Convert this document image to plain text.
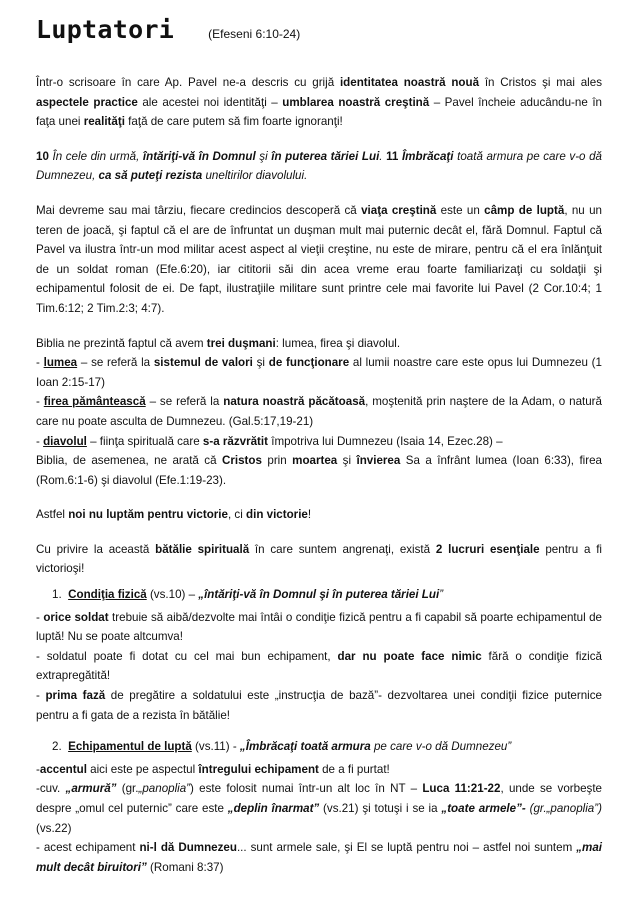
Luptatori	(Efeseni 6:10-24)

Într-o scrisoare în care Ap. Pavel ne-a descris cu grijă identitatea noastră nouă în Cristos şi mai ales aspectele practice ale acestei noi identităţi – umblarea noastră creştină – Pavel încheie aducându-ne în faţa unei realităţi faţă de care putem să fim foarte ignoranţi!

10 În cele din urmă, întăriţi-vă în Domnul şi în puterea tăriei Lui. 11 Îmbrăcaţi toată armura pe care v-o dă Dumnezeu, ca să puteţi rezista uneltirilor diavolului.

Mai devreme sau mai târziu, fiecare credincios descoperă că viaţa creştină este un câmp de luptă, nu un teren de joacă, şi faptul că el are de înfruntat un duşman mult mai puternic decât el, fără Domnul. Faptul că Pavel va ilustra într-un mod militar acest aspect al vieţii creştine, nu este de mirare, pentru că el era înlănţuit de un soldat roman (Efe.6:20), iar cititorii săi din acea vreme erau foarte familiarizaţi cu soldaţii şi echipamentul folosit de ei. De fapt, ilustraţiile militare sunt printre cele mai favorite lui Pavel (2 Cor.10:4; 1 Tim.6:12; 2 Tim.2:3; 4:7).

Biblia ne prezintă faptul că avem trei duşmani: lumea, firea şi diavolul.
- lumea – se referă la sistemul de valori şi de funcţionare al lumii noastre care este opus lui Dumnezeu (1 Ioan 2:15-17)
- firea pământească – se referă la natura noastră păcătoasă, moştenită prin naştere de la Adam, o natură care nu poate asculta de Dumnezeu. (Gal.5:17,19-21)
- diavolul – fiinţa spirituală care s-a răzvrătit împotriva lui Dumnezeu (Isaia 14, Ezec.28) –

Biblia, de asemenea, ne arată că Cristos prin moartea şi învierea Sa a înfrânt lumea (Ioan 6:33), firea (Rom.6:1-6) şi diavolul (Efe.1:19-23).

Astfel noi nu luptăm pentru victorie, ci din victorie!

Cu privire la această bătălie spirituală în care suntem angrenaţi, există 2 lucruri esenţiale pentru a fi victorioşi!

1. Condiţia fizică (vs.10) – „întăriţi-vă în Domnul şi în puterea tăriei Lui”
- orice soldat trebuie să aibă/dezvolte mai întâi o condiţie fizică pentru a fi capabil să poarte echipamentul de luptă! Nu se poate altcumva!
- soldatul poate fi dotat cu cel mai bun echipament, dar nu poate face nimic fără o condiţie fizică extrapregătită!

- prima fază de pregătire a soldatului este „instrucţia de bază”- dezvoltarea unei condiţii fizice puternice pentru a fi gata de a rezista în bătălie!

2. Echipamentul de luptă (vs.11) - „Îmbrăcaţi toată armura pe care v-o dă Dumnezeu”
-accentul aici este pe aspectul întregului echipament de a fi purtat!
-cuv. „armură” (gr.„panoplia”) este folosit numai într-un alt loc în NT – Luca 11:21-22, unde se vorbeşte despre „omul cel puternic” care este „deplin înarmat” (vs.21) şi totuşi i se ia „toate armele”- (gr.„panoplia”) (vs.22)
- acest echipament ni-l dă Dumnezeu... sunt armele sale, şi El se luptă pentru noi – astfel noi suntem „mai mult decât biruitori” (Romani 8:37)
